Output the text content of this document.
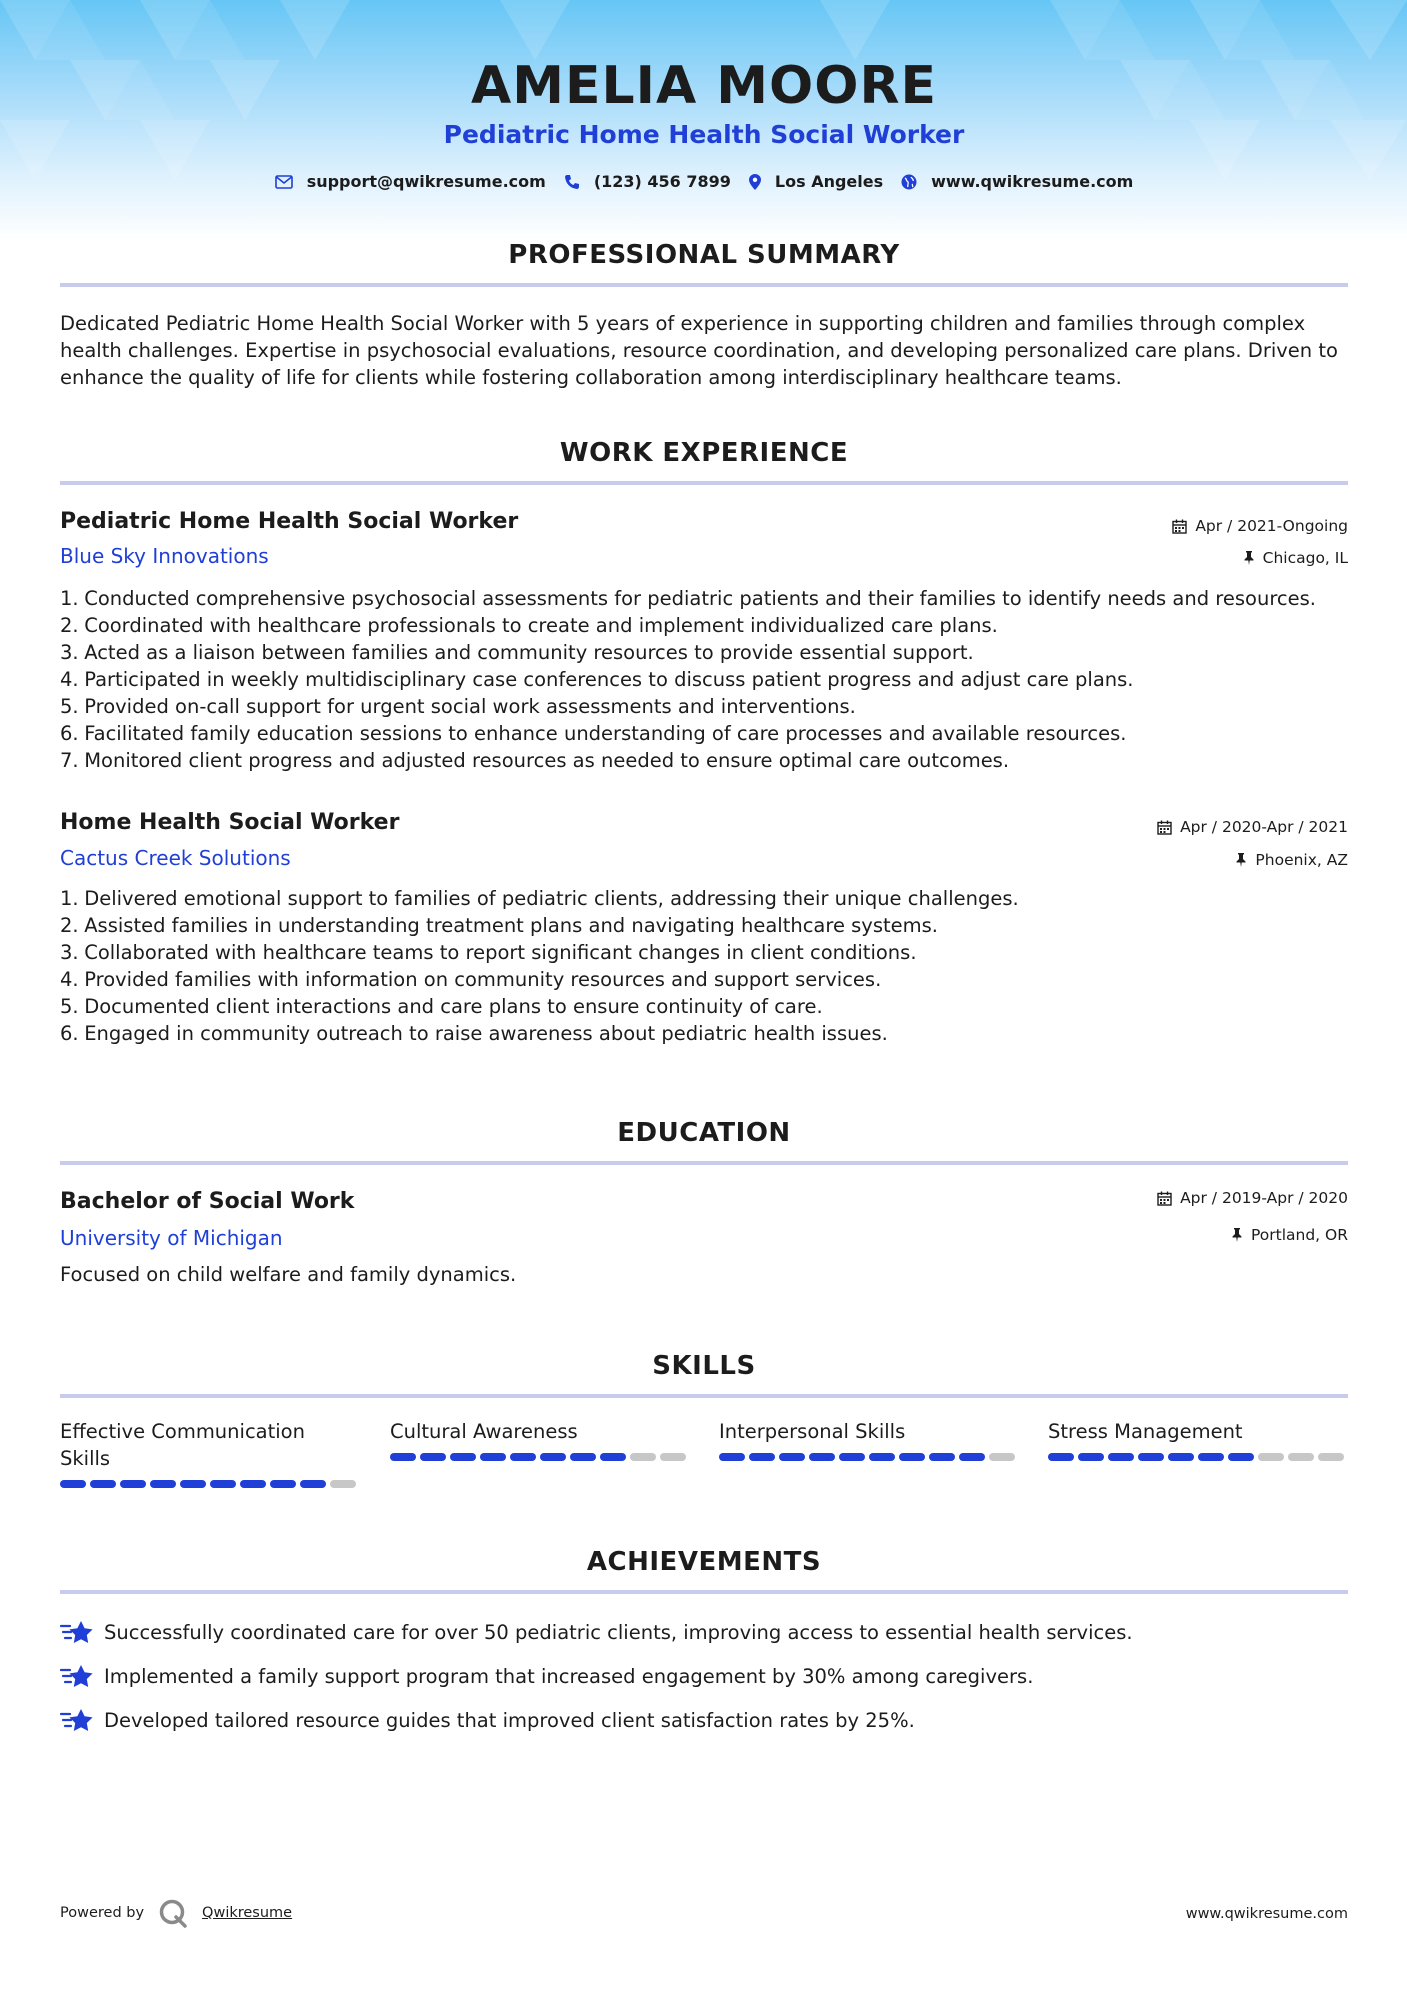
AMELIA MOORE
Pediatric Home Health Social Worker
support@qwikresume.com	(123) 456 7899	Los Angeles	www.qwikresume.com
PROFESSIONAL SUMMARY

Dedicated Pediatric Home Health Social Worker with 5 years of experience in supporting children and families through complex health challenges. Expertise in psychosocial evaluations, resource coordination, and developing personalized care plans. Driven to enhance the quality of life for clients while fostering collaboration among interdisciplinary healthcare teams.

WORK EXPERIENCE
Pediatric Home Health Social Worker	Apr / 2021-Ongoing
Blue Sky Innovations	Chicago, IL
1. Conducted comprehensive psychosocial assessments for pediatric patients and their families to identify needs and resources.
2. Coordinated with healthcare professionals to create and implement individualized care plans.
3. Acted as a liaison between families and community resources to provide essential support.
4. Participated in weekly multidisciplinary case conferences to discuss patient progress and adjust care plans.
5. Provided on-call support for urgent social work assessments and interventions.
6. Facilitated family education sessions to enhance understanding of care processes and available resources.
7. Monitored client progress and adjusted resources as needed to ensure optimal care outcomes.
Home Health Social Worker	Apr / 2020-Apr / 2021
Cactus Creek Solutions	Phoenix, AZ
1. Delivered emotional support to families of pediatric clients, addressing their unique challenges.
2. Assisted families in understanding treatment plans and navigating healthcare systems.
3. Collaborated with healthcare teams to report significant changes in client conditions.
4. Provided families with information on community resources and support services.
5. Documented client interactions and care plans to ensure continuity of care.
6. Engaged in community outreach to raise awareness about pediatric health issues.
EDUCATION
Bachelor of Social Work	Apr / 2019-Apr / 2020
University of Michigan	Portland, OR
Focused on child welfare and family dynamics.
SKILLS
Effective Communication Skills
Cultural Awareness	Interpersonal Skills	Stress Management
ACHIEVEMENTS
Successfully coordinated care for over 50 pediatric clients, improving access to essential health services.
Implemented a family support program that increased engagement by 30% among caregivers.
Developed tailored resource guides that improved client satisfaction rates by 25%.
Powered by	Qwikresume	www.qwikresume.com
